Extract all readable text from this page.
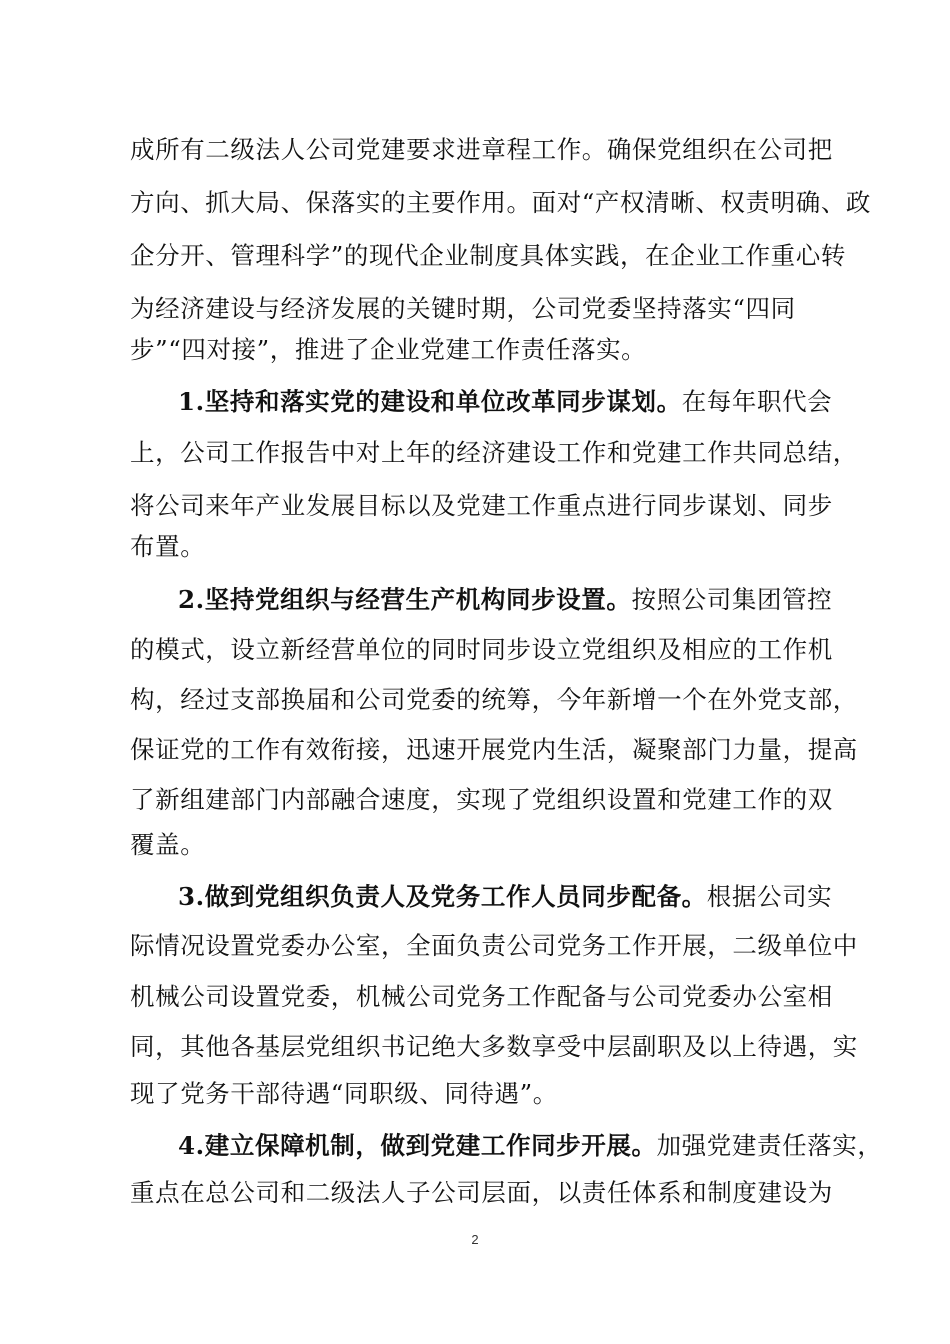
成所有二级法人公司党建要求进章程工作。确保党组织在公司把
方向、抓大局、保落实的主要作用。面对“产权清晰、权责明确、政
企分开、管理科学”的现代企业制度具体实践，在企业工作重心转
为经济建设与经济发展的关键时期，公司党委坚持落实“四同
步”“四对接”，推进了企业党建工作责任落实。
1.坚持和落实党的建设和单位改革同步谋划。在每年职代会
上，公司工作报告中对上年的经济建设工作和党建工作共同总结，
将公司来年产业发展目标以及党建工作重点进行同步谋划、同步
布置。
2.坚持党组织与经营生产机构同步设置。按照公司集团管控
的模式，设立新经营单位的同时同步设立党组织及相应的工作机
构，经过支部换届和公司党委的统筹，今年新增一个在外党支部，
保证党的工作有效衔接，迅速开展党内生活，凝聚部门力量，提高
了新组建部门内部融合速度，实现了党组织设置和党建工作的双
覆盖。
3.做到党组织负责人及党务工作人员同步配备。根据公司实
际情况设置党委办公室，全面负责公司党务工作开展，二级单位中
机械公司设置党委，机械公司党务工作配备与公司党委办公室相
同，其他各基层党组织书记绝大多数享受中层副职及以上待遇，实
现了党务干部待遇“同职级、同待遇”。
4.建立保障机制，做到党建工作同步开展。加强党建责任落实，
重点在总公司和二级法人子公司层面，以责任体系和制度建设为
2
